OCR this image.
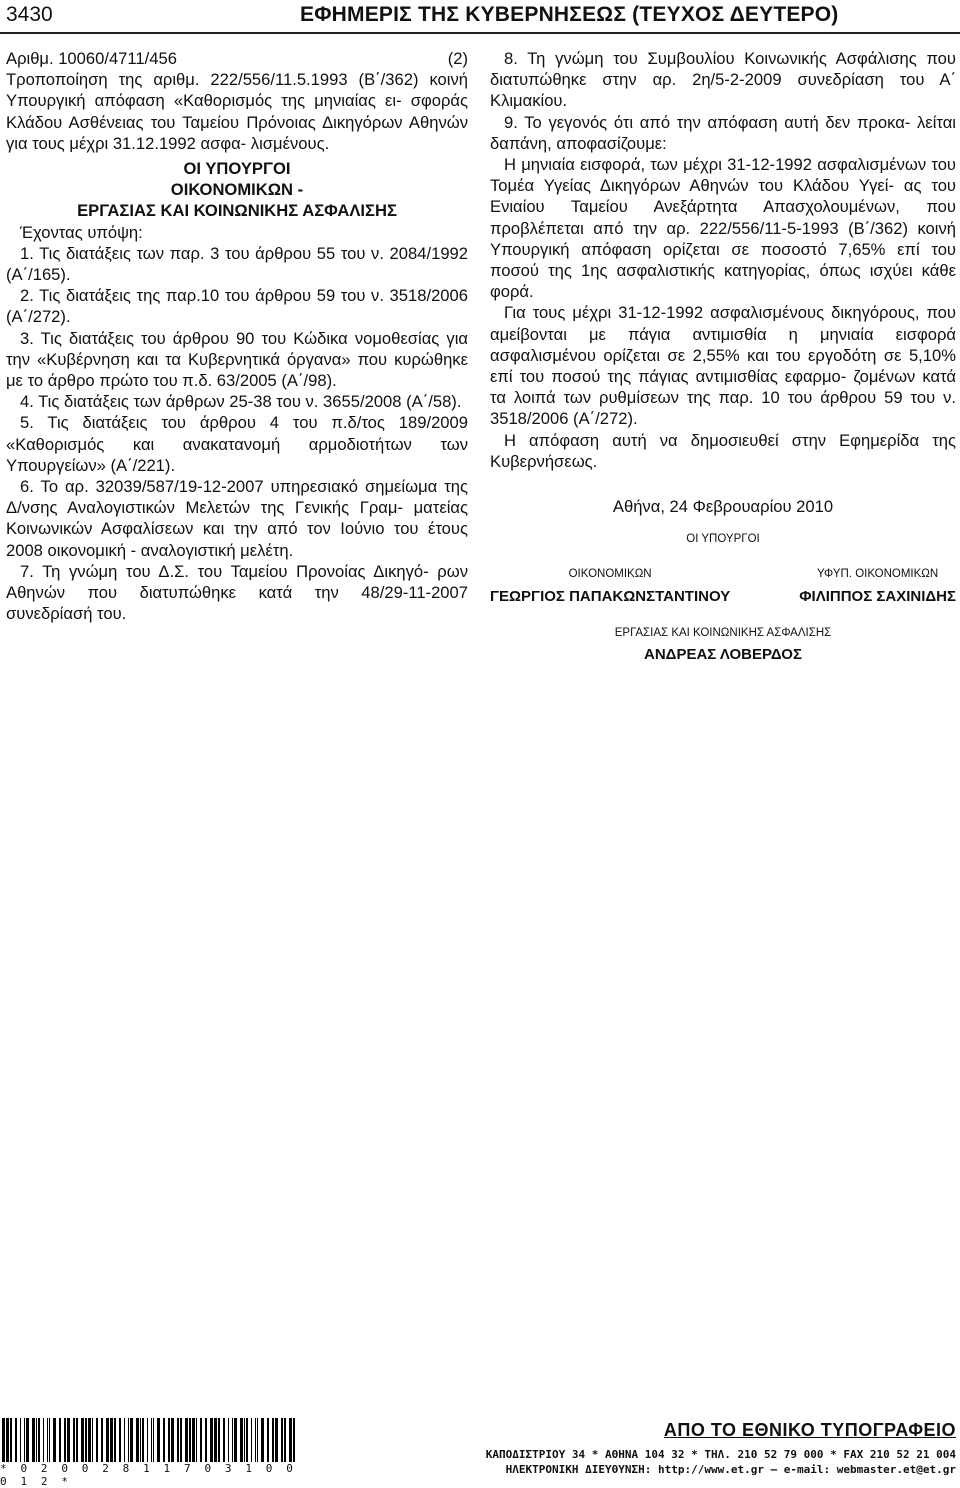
3430	ΕΦΗΜΕΡΙΣ ΤΗΣ ΚΥΒΕΡΝΗΣΕΩΣ (ΤΕΥΧΟΣ ΔΕΥΤΕΡΟ)
Αριθμ. 10060/4711/456	(2)

Τροποποίηση της αριθμ. 222/556/11.5.1993 (Β΄/362) κοινή Υπουργική απόφαση «Καθορισμός της μηνιαίας ει- σφοράς Κλάδου Ασθένειας του Ταμείου Πρόνοιας Δικηγόρων Αθηνών για τους μέχρι 31.12.1992 ασφα- λισμένους.

ΟΙ ΥΠΟΥΡΓΟΙ

ΟΙΚΟΝΟΜΙΚΩΝ -

ΕΡΓΑΣΙΑΣ ΚΑΙ ΚΟΙΝΩΝΙΚΗΣ ΑΣΦΑΛΙΣΗΣ

Έχοντας υπόψη:

1. Τις διατάξεις των παρ. 3 του άρθρου 55 του ν. 2084/1992 (Α΄/165).

2. Τις διατάξεις της παρ.10 του άρθρου 59 του ν. 3518/2006 (Α΄/272).

3. Τις διατάξεις του άρθρου 90 του Κώδικα νομοθεσίας για την «Κυβέρνηση και τα Κυβερνητικά όργανα» που κυρώθηκε με το άρθρο πρώτο του π.δ. 63/2005 (Α΄/98).

4. Τις διατάξεις των άρθρων 25-38 του ν. 3655/2008 (Α΄/58).

5. Τις διατάξεις του άρθρου 4 του π.δ/τος 189/2009 «Καθορισμός και ανακατανομή αρμοδιοτήτων των Υπουργείων» (Α΄/221).

6. Το αρ. 32039/587/19-12-2007 υπηρεσιακό σημείωμα της Δ/νσης Αναλογιστικών Μελετών της Γενικής Γραμ- ματείας Κοινωνικών Ασφαλίσεων και την από τον Ιούνιο του έτους 2008 οικονομική - αναλογιστική μελέτη.

7. Τη γνώμη του Δ.Σ. του Ταμείου Προνοίας Δικηγό- ρων Αθηνών που διατυπώθηκε κατά την 48/29-11-2007 συνεδρίασή του.

8. Τη γνώμη του Συμβουλίου Κοινωνικής Ασφάλισης που διατυπώθηκε στην αρ. 2η/5-2-2009 συνεδρίαση του Α΄ Κλιμακίου.

9. Το γεγονός ότι από την απόφαση αυτή δεν προκα- λείται δαπάνη, αποφασίζουμε:

Η μηνιαία εισφορά, των μέχρι 31-12-1992 ασφαλισμένων του Τομέα Υγείας Δικηγόρων Αθηνών του Κλάδου Υγεί- ας του Ενιαίου Ταμείου Ανεξάρτητα Απασχολουμένων, που προβλέπεται από την αρ. 222/556/11-5-1993 (Β΄/362) κοινή Υπουργική απόφαση ορίζεται σε ποσοστό 7,65% επί του ποσού της 1ης ασφαλιστικής κατηγορίας, όπως ισχύει κάθε φορά.

Για τους μέχρι 31-12-1992 ασφαλισμένους δικηγόρους, που αμείβονται με πάγια αντιμισθία η μηνιαία εισφορά ασφαλισμένου ορίζεται σε 2,55% και του εργοδότη σε 5,10% επί του ποσού της πάγιας αντιμισθίας εφαρμο- ζομένων κατά τα λοιπά των ρυθμίσεων της παρ. 10 του άρθρου 59 του ν. 3518/2006 (Α΄/272).

Η απόφαση αυτή να δημοσιευθεί στην Εφημερίδα της Κυβερνήσεως.

Αθήνα, 24 Φεβρουαρίου 2010

ΟΙ ΥΠΟΥΡΓΟΙ

ΟΙΚΟΝΟΜΙΚΩΝ
ΓΕΩΡΓΙΟΣ ΠΑΠΑΚΩΝΣΤΑΝΤΙΝΟΥ
ΥΦΥΠ. ΟΙΚΟΝΟΜΙΚΩΝ
ΦΙΛΙΠΠΟΣ ΣΑΧΙΝΙΔΗΣ
ΕΡΓΑΣΙΑΣ ΚΑΙ ΚΟΙΝΩΝΙΚΗΣ ΑΣΦΑΛΙΣΗΣ
ΑΝΔΡΕΑΣ ΛΟΒΕΡΔΟΣ
* 0 2 0 0 2 8 1 1 7 0 3 1 0 0 0 1 2 *
ΑΠΟ ΤΟ ΕΘΝΙΚΟ ΤΥΠΟΓΡΑΦΕΙΟ
ΚΑΠΟΔΙΣΤΡΙΟΥ 34 * ΑΘΗΝΑ 104 32 * ΤΗΛ. 210 52 79 000 * FAX 210 52 21 004
ΗΛΕΚΤΡΟΝΙΚΗ ΔΙΕΥΘΥΝΣΗ: http://www.et.gr — e-mail: webmaster.et@et.gr
